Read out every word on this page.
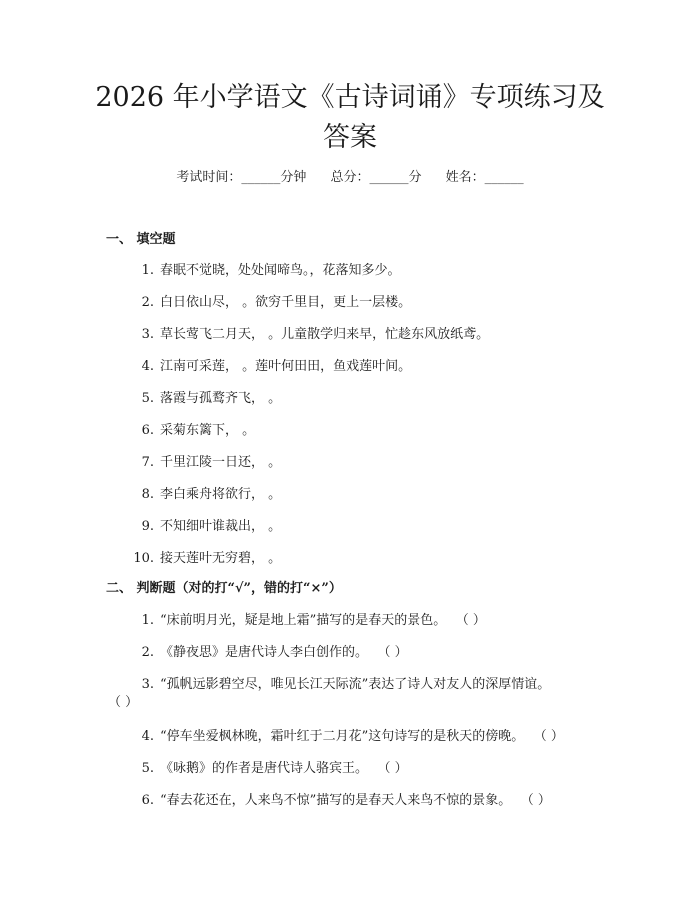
2026 年小学语文《古诗词诵》专项练习及答案
考试时间：______分钟 总分：______分 姓名：______
一、 填空题
1. 春眠不觉晓，处处闻啼鸟。，花落知多少。
2. 白日依山尽， 。欲穷千里目，更上一层楼。
3. 草长莺飞二月天， 。儿童散学归来早，忙趁东风放纸鸢。
4. 江南可采莲， 。莲叶何田田，鱼戏莲叶间。
5. 落霞与孤鹜齐飞， 。
6. 采菊东篱下， 。
7. 千里江陵一日还， 。
8. 李白乘舟将欲行， 。
9. 不知细叶谁裁出， 。
10. 接天莲叶无穷碧， 。
二、 判断题（对的打“√”，错的打“×”）
1. “床前明月光，疑是地上霜”描写的是春天的景色。 （ ）
2. 《静夜思》是唐代诗人李白创作的。 （ ）
3. “孤帆远影碧空尽，唯见长江天际流”表达了诗人对友人的深厚情谊。
（ ）
4. “停车坐爱枫林晚，霜叶红于二月花”这句诗写的是秋天的傍晚。 （ ）
5. 《咏鹅》的作者是唐代诗人骆宾王。 （ ）
6. “春去花还在，人来鸟不惊”描写的是春天人来鸟不惊的景象。 （ ）
